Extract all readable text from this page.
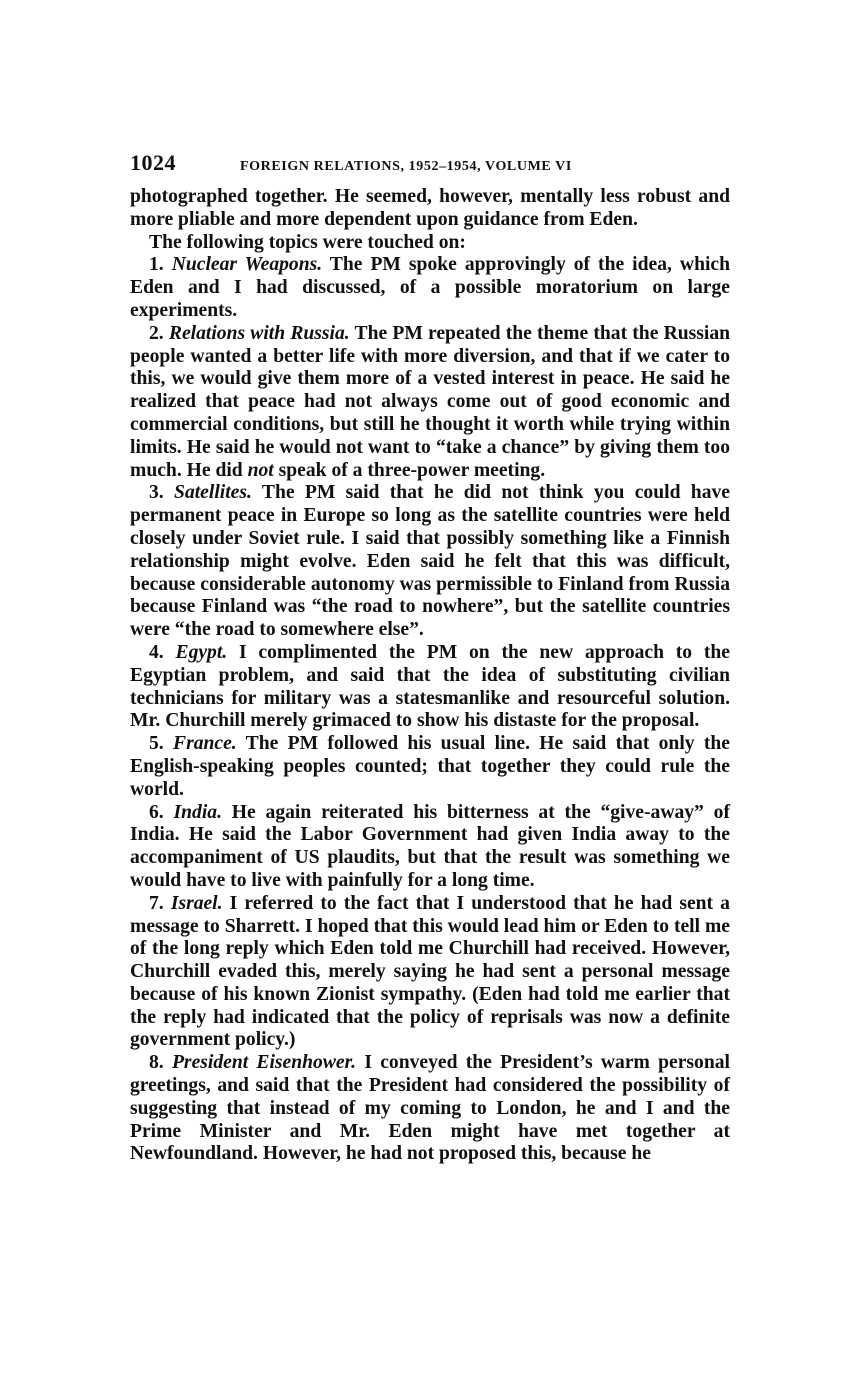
1024	FOREIGN RELATIONS, 1952–1954, VOLUME VI

photographed together. He seemed, however, mentally less robust and more pliable and more dependent upon guidance from Eden.

The following topics were touched on:

1. Nuclear Weapons. The PM spoke approvingly of the idea, which Eden and I had discussed, of a possible moratorium on large experiments.

2. Relations with Russia. The PM repeated the theme that the Russian people wanted a better life with more diversion, and that if we cater to this, we would give them more of a vested interest in peace. He said he realized that peace had not always come out of good economic and commercial conditions, but still he thought it worth while trying within limits. He said he would not want to “take a chance” by giving them too much. He did not speak of a three-power meeting.

3. Satellites. The PM said that he did not think you could have permanent peace in Europe so long as the satellite countries were held closely under Soviet rule. I said that possibly something like a Finnish relationship might evolve. Eden said he felt that this was difficult, because considerable autonomy was permissible to Finland from Russia because Finland was “the road to nowhere”, but the satellite countries were “the road to somewhere else”.

4. Egypt. I complimented the PM on the new approach to the Egyptian problem, and said that the idea of substituting civilian technicians for military was a statesmanlike and resourceful solution. Mr. Churchill merely grimaced to show his distaste for the proposal.

5. France. The PM followed his usual line. He said that only the English-speaking peoples counted; that together they could rule the world.

6. India. He again reiterated his bitterness at the “give-away” of India. He said the Labor Government had given India away to the accompaniment of US plaudits, but that the result was something we would have to live with painfully for a long time.

7. Israel. I referred to the fact that I understood that he had sent a message to Sharrett. I hoped that this would lead him or Eden to tell me of the long reply which Eden told me Churchill had received. However, Churchill evaded this, merely saying he had sent a personal message because of his known Zionist sympathy. (Eden had told me earlier that the reply had indicated that the policy of reprisals was now a definite government policy.)

8. President Eisenhower. I conveyed the President’s warm personal greetings, and said that the President had considered the possibility of suggesting that instead of my coming to London, he and I and the Prime Minister and Mr. Eden might have met together at Newfoundland. However, he had not proposed this, because he
